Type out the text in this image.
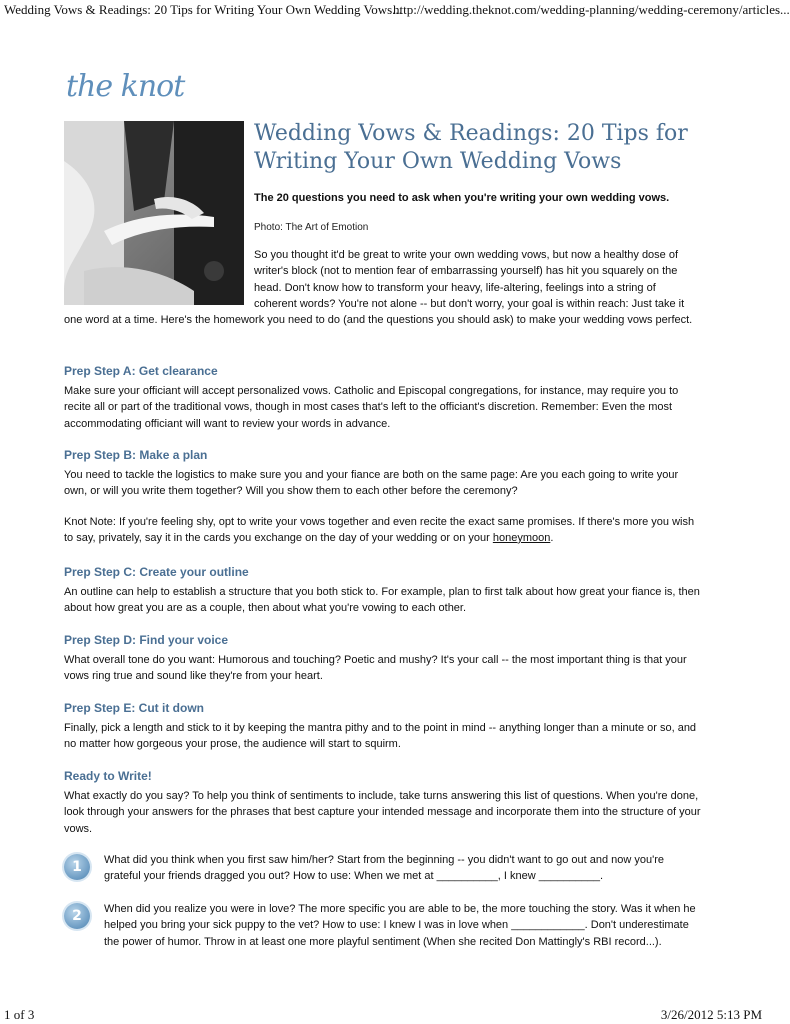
Wedding Vows & Readings: 20 Tips for Writing Your Own Wedding Vows...
http://wedding.theknot.com/wedding-planning/wedding-ceremony/articles...
the knot
Wedding Vows & Readings: 20 Tips for Writing Your Own Wedding Vows
The 20 questions you need to ask when you're writing your own wedding vows.
Photo: The Art of Emotion
So you thought it'd be great to write your own wedding vows, but now a healthy dose of writer's block (not to mention fear of embarrassing yourself) has hit you squarely on the head. Don't know how to transform your heavy, life-altering, feelings into a string of coherent words? You're not alone -- but don't worry, your goal is within reach: Just take it one word at a time. Here's the homework you need to do (and the questions you should ask) to make your wedding vows perfect.
Prep Step A: Get clearance

Make sure your officiant will accept personalized vows. Catholic and Episcopal congregations, for instance, may require you to recite all or part of the traditional vows, though in most cases that's left to the officiant's discretion. Remember: Even the most accommodating officiant will want to review your words in advance.

Prep Step B: Make a plan

You need to tackle the logistics to make sure you and your fiance are both on the same page: Are you each going to write your own, or will you write them together? Will you show them to each other before the ceremony?

Knot Note: If you're feeling shy, opt to write your vows together and even recite the exact same promises. If there's more you wish to say, privately, say it in the cards you exchange on the day of your wedding or on your honeymoon.

Prep Step C: Create your outline

An outline can help to establish a structure that you both stick to. For example, plan to first talk about how great your fiance is, then about how great you are as a couple, then about what you're vowing to each other.

Prep Step D: Find your voice

What overall tone do you want: Humorous and touching? Poetic and mushy? It's your call -- the most important thing is that your vows ring true and sound like they're from your heart.

Prep Step E: Cut it down

Finally, pick a length and stick to it by keeping the mantra pithy and to the point in mind -- anything longer than a minute or so, and no matter how gorgeous your prose, the audience will start to squirm.

Ready to Write!

What exactly do you say? To help you think of sentiments to include, take turns answering this list of questions. When you're done, look through your answers for the phrases that best capture your intended message and incorporate them into the structure of your vows.

1	What did you think when you first saw him/her? Start from the beginning -- you didn't want to go out and now you're grateful your friends dragged you out? How to use: When we met at __________, I knew __________.
2	When did you realize you were in love? The more specific you are able to be, the more touching the story. Was it when he helped you bring your sick puppy to the vet? How to use: I knew I was in love when ____________. Don't underestimate the power of humor. Throw in at least one more playful sentiment (When she recited Don Mattingly's RBI record...).
1 of 3	3/26/2012 5:13 PM
